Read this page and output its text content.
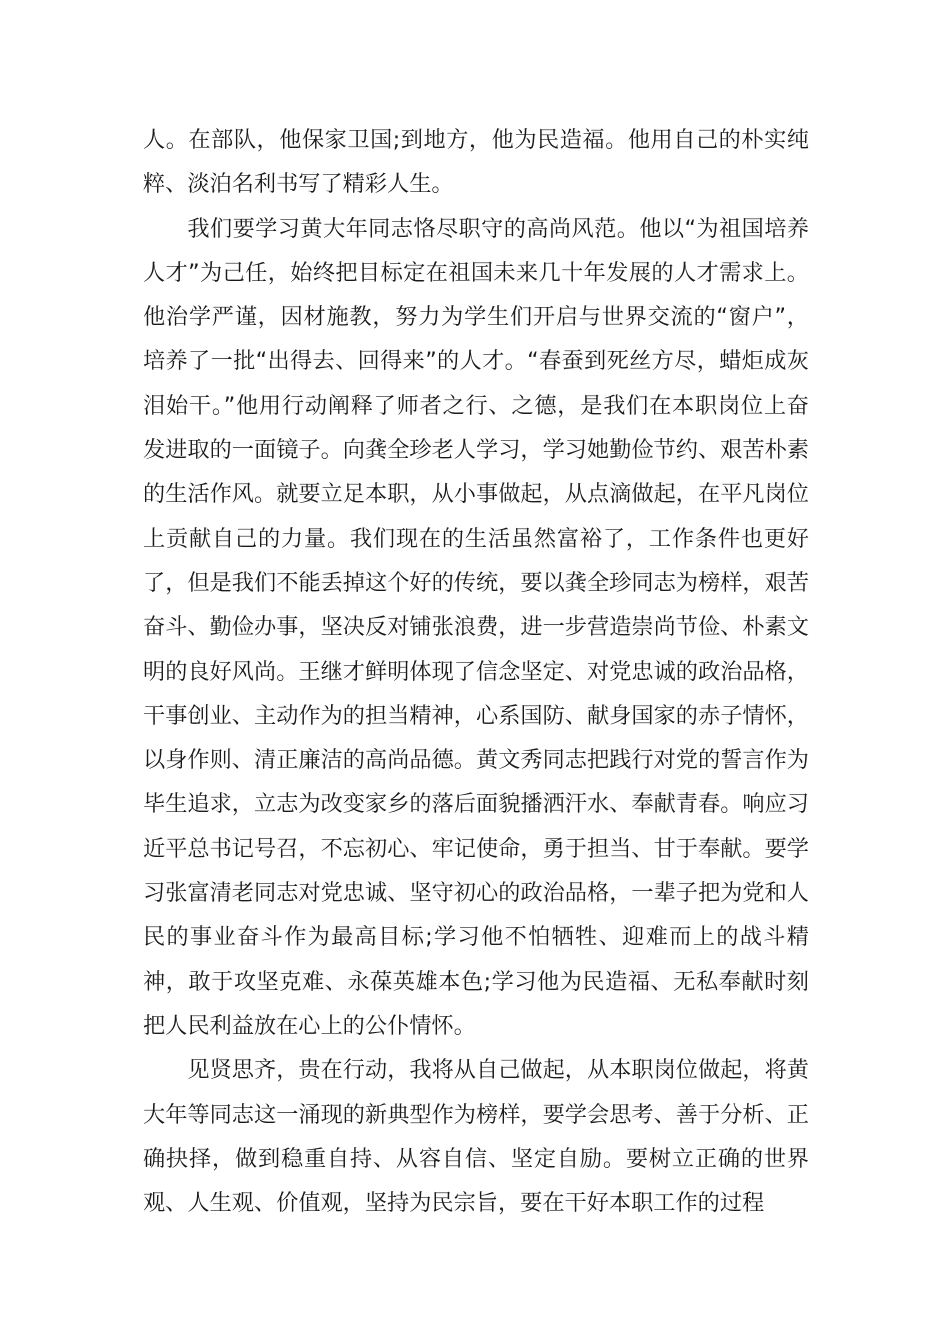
人。在部队，他保家卫国;到地方，他为民造福。他用自己的朴实纯粹、淡泊名利书写了精彩人生。

我们要学习黄大年同志恪尽职守的高尚风范。他以“为祖国培养人才”为己任，始终把目标定在祖国未来几十年发展的人才需求上。他治学严谨，因材施教，努力为学生们开启与世界交流的“窗户”，培养了一批“出得去、回得来”的人才。“春蚕到死丝方尽，蜡炬成灰泪始干。”他用行动阐释了师者之行、之德，是我们在本职岗位上奋发进取的一面镜子。向龚全珍老人学习，学习她勤俭节约、艰苦朴素的生活作风。就要立足本职，从小事做起，从点滴做起，在平凡岗位上贡献自己的力量。我们现在的生活虽然富裕了，工作条件也更好了，但是我们不能丢掉这个好的传统，要以龚全珍同志为榜样，艰苦奋斗、勤俭办事，坚决反对铺张浪费，进一步营造崇尚节俭、朴素文明的良好风尚。王继才鲜明体现了信念坚定、对党忠诚的政治品格，干事创业、主动作为的担当精神，心系国防、献身国家的赤子情怀，以身作则、清正廉洁的高尚品德。黄文秀同志把践行对党的誓言作为毕生追求，立志为改变家乡的落后面貌播洒汗水、奉献青春。响应习近平总书记号召，不忘初心、牢记使命，勇于担当、甘于奉献。要学习张富清老同志对党忠诚、坚守初心的政治品格，一辈子把为党和人民的事业奋斗作为最高目标;学习他不怕牺牲、迎难而上的战斗精神，敢于攻坚克难、永葆英雄本色;学习他为民造福、无私奉献时刻把人民利益放在心上的公仆情怀。

见贤思齐，贵在行动，我将从自己做起，从本职岗位做起，将黄大年等同志这一涌现的新典型作为榜样，要学会思考、善于分析、正确抉择，做到稳重自持、从容自信、坚定自励。要树立正确的世界观、人生观、价值观，坚持为民宗旨，要在干好本职工作的过程
